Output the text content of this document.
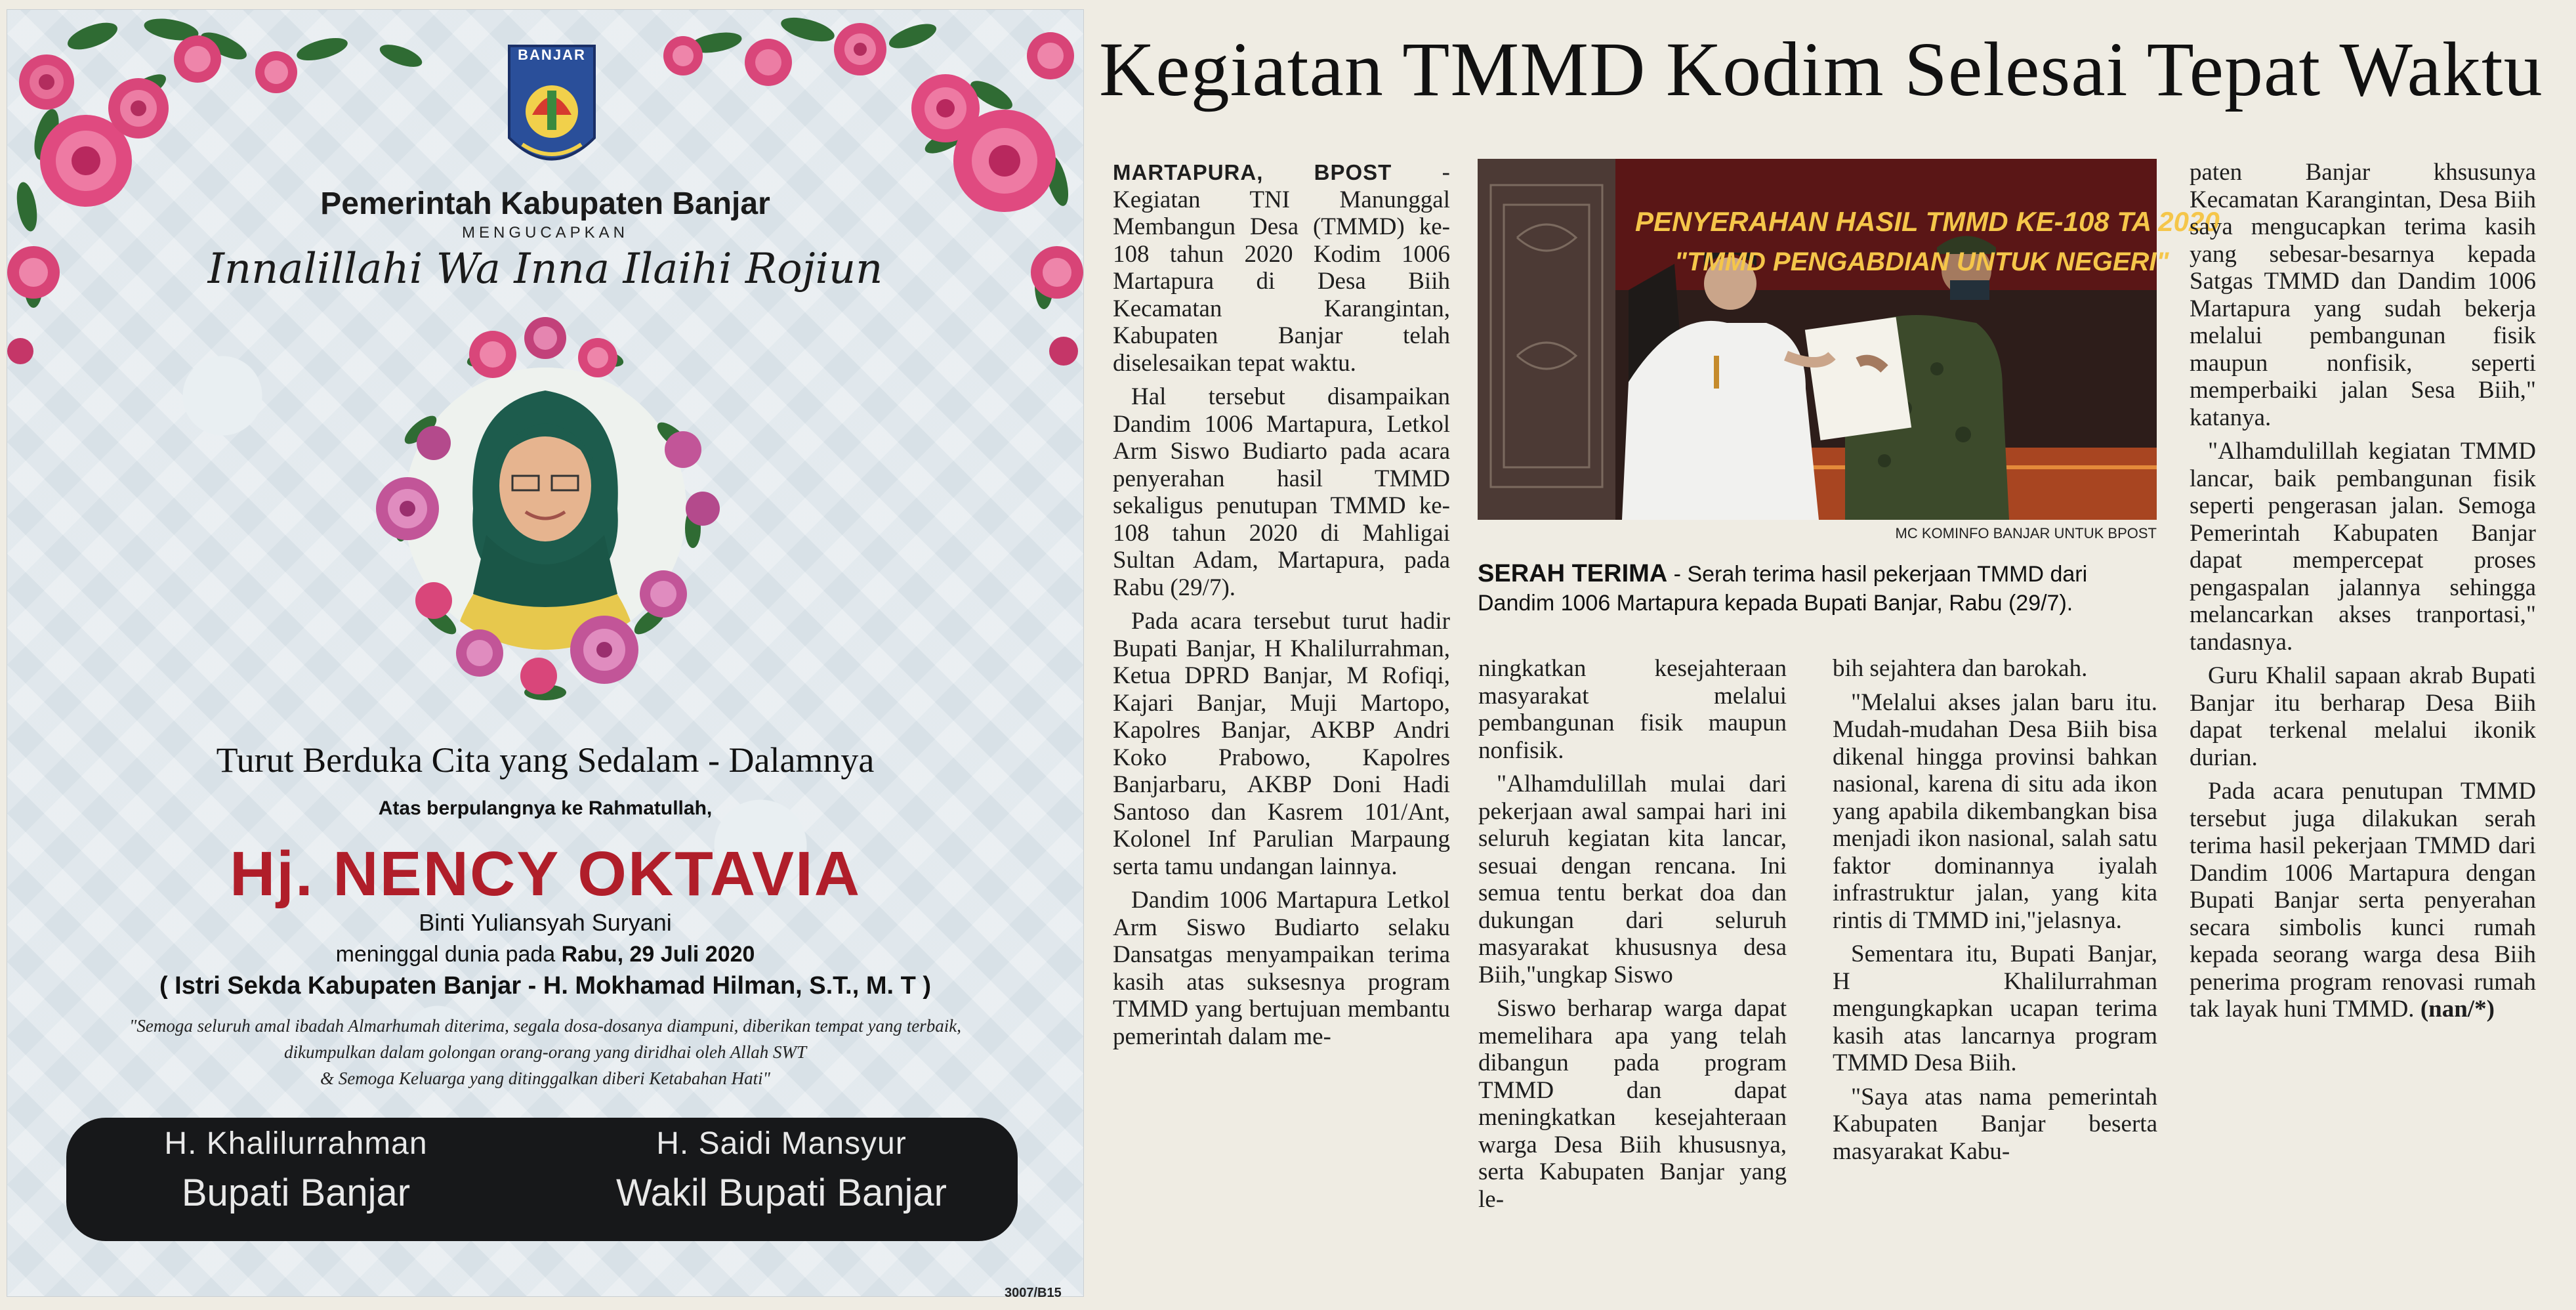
BANJAR
Pemerintah Kabupaten Banjar
MENGUCAPKAN
Innalillahi Wa Inna Ilaihi Rojiun
Turut Berduka Cita yang Sedalam - Dalamnya
Atas berpulangnya ke Rahmatullah,
Hj. NENCY OKTAVIA
Binti Yuliansyah Suryani
meninggal dunia pada Rabu, 29 Juli 2020
( Istri Sekda Kabupaten Banjar - H. Mokhamad Hilman, S.T., M. T )
"Semoga seluruh amal ibadah Almarhumah diterima, segala dosa-dosanya diampuni, diberikan tempat yang terbaik,
dikumpulkan dalam golongan orang-orang yang diridhai oleh Allah SWT
& Semoga Keluarga yang ditinggalkan diberi Ketabahan Hati"
H. Khalilurrahman
Bupati Banjar
H. Saidi Mansyur
Wakil Bupati Banjar
3007/B15
Kegiatan TMMD Kodim Selesai Tepat Waktu

MARTAPURA, BPOST - Kegiatan TNI Manunggal Membangun Desa (TMMD) ke-108 tahun 2020 Kodim 1006 Martapura di Desa Biih Kecamatan Karangintan, Kabupaten Banjar telah diselesaikan tepat waktu.

Hal tersebut disampaikan Dandim 1006 Martapura, Letkol Arm Siswo Budiarto pada acara penyerahan hasil TMMD sekaligus penutupan TMMD ke-108 tahun 2020 di Mahligai Sultan Adam, Martapura, pada Rabu (29/7).

Pada acara tersebut turut hadir Bupati Banjar, H Khalilurrahman, Ketua DPRD Banjar, M Rofiqi, Kajari Banjar, Muji Martopo, Kapolres Banjar, AKBP Andri Koko Prabowo, Kapolres Banjarbaru, AKBP Doni Hadi Santoso dan Kasrem 101/Ant, Kolonel Inf Parulian Marpaung serta tamu undangan lainnya.

Dandim 1006 Martapura Letkol Arm Siswo Budiarto selaku Dansatgas menyampaikan terima kasih atas suksesnya program TMMD yang bertujuan membantu pemerintah dalam me-

PENYERAHAN HASIL TMMD KE-108 TA 2020
"TMMD PENGABDIAN UNTUK NEGERI"
MC KOMINFO BANJAR UNTUK BPOST
SERAH TERIMA - Serah terima hasil pekerjaan TMMD dari Dandim 1006 Martapura kepada Bupati Banjar, Rabu (29/7).

ningkatkan kesejahteraan masyarakat melalui pembangunan fisik maupun nonfisik.

"Alhamdulillah mulai dari pekerjaan awal sampai hari ini seluruh kegiatan kita lancar, sesuai dengan rencana. Ini semua tentu berkat doa dan dukungan dari seluruh masyarakat khususnya desa Biih,"ungkap Siswo

Siswo berharap warga dapat memelihara apa yang telah dibangun pada program TMMD dan dapat meningkatkan kesejahteraan warga Desa Biih khususnya, serta Kabupaten Banjar yang le-

bih sejahtera dan barokah.

"Melalui akses jalan baru itu. Mudah-mudahan Desa Biih bisa dikenal hingga provinsi bahkan nasional, karena di situ ada ikon yang apabila dikembangkan bisa menjadi ikon nasional, salah satu faktor dominannya iyalah infrastruktur jalan, yang kita rintis di TMMD ini,"jelasnya.

Sementara itu, Bupati Banjar, H Khalilurrahman mengungkapkan ucapan terima kasih atas lancarnya program TMMD Desa Biih.

"Saya atas nama pemerintah Kabupaten Banjar beserta masyarakat Kabu-

paten Banjar khsusunya Kecamatan Karangintan, Desa Biih saya mengucapkan terima kasih yang sebesar-besarnya kepada Satgas TMMD dan Dandim 1006 Martapura yang sudah bekerja melalui pembangunan fisik maupun nonfisik, seperti memperbaiki jalan Sesa Biih," katanya.

"Alhamdulillah kegiatan TMMD lancar, baik pembangunan fisik seperti pengerasan jalan. Semoga Pemerintah Kabupaten Banjar dapat mempercepat proses pengaspalan jalannya sehingga melancarkan akses tranportasi," tandasnya.

Guru Khalil sapaan akrab Bupati Banjar itu berharap Desa Biih dapat terkenal melalui ikonik durian.

Pada acara penutupan TMMD tersebut juga dilakukan serah terima hasil pekerjaan TMMD dari Dandim 1006 Martapura dengan Bupati Banjar serta penyerahan secara simbolis kunci rumah kepada seorang warga desa Biih penerima program renovasi rumah tak layak huni TMMD. (nan/*)
